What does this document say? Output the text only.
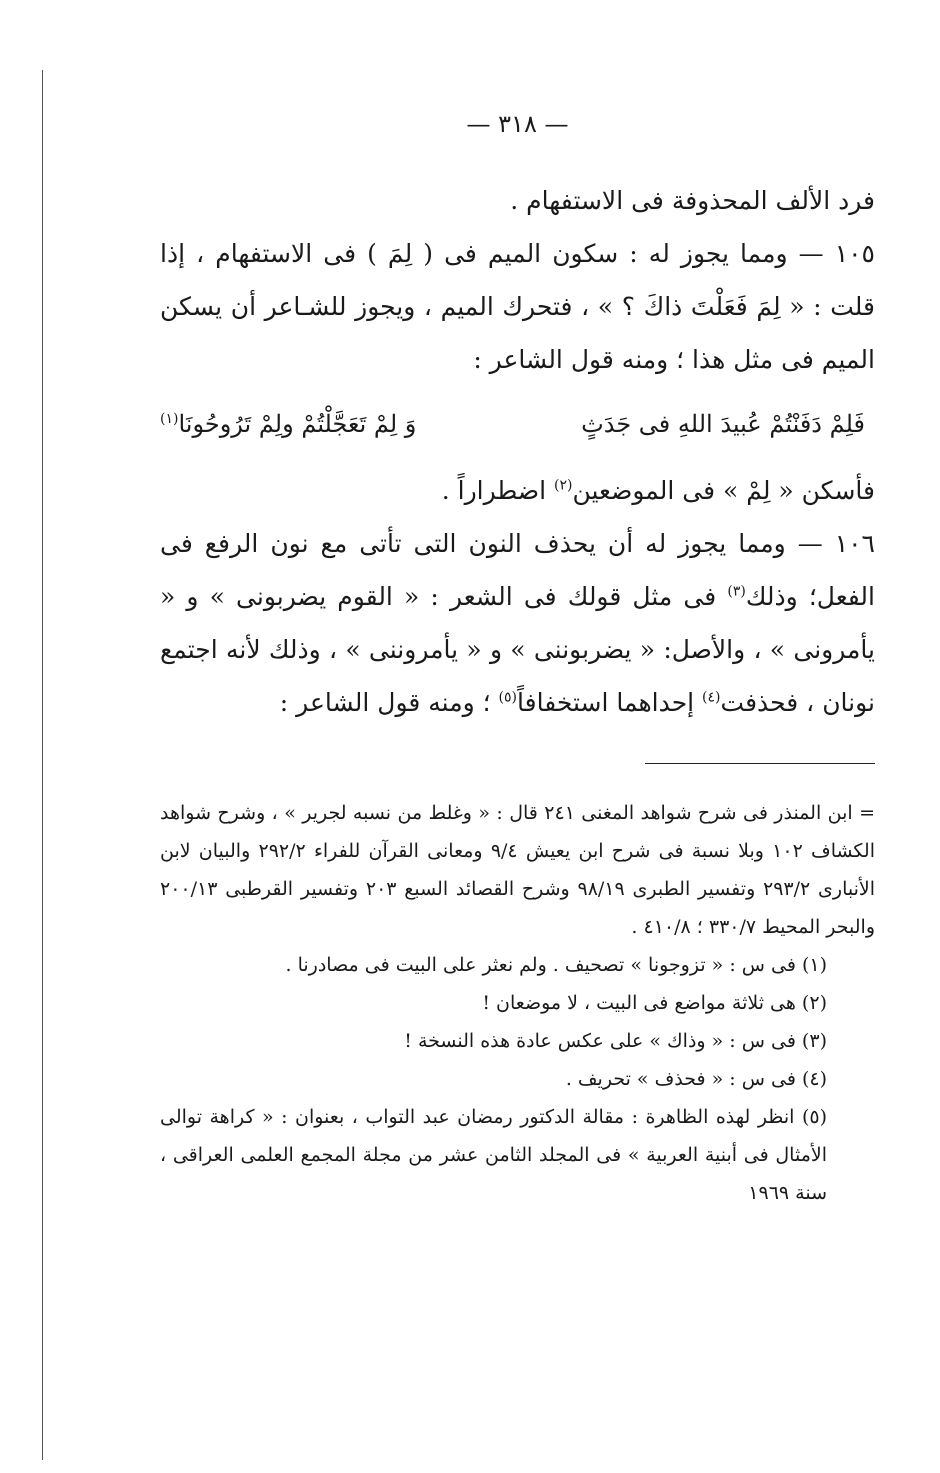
— ٣١٨ —

فرد الألف المحذوفة فى الاستفهام .

١٠٥ — ومما يجوز له : سكون الميم فى ( لِمَ ) فى الاستفهام ، إذا قلت : « لِمَ فَعَلْتَ ذاكَ ؟ » ، فتحرك الميم ، ويجوز للشـاعر أن يسكن الميم فى مثل هذا ؛ ومنه قول الشاعر :

فَلِمْ دَفَنْتُمْ عُبيدَ اللهِ فى جَدَثٍ
وَ لِمْ تَعَجَّلْتُمْ ولِمْ تَرُوحُونَا$^{(١)}$

فأسكن « لِمْ » فى الموضعين$^{(٢)}$ اضطراراً .

١٠٦ — ومما يجوز له أن يحذف النون التى تأتى مع نون الرفع فى الفعل؛ وذلك$^{(٣)}$ فى مثل قولك فى الشعر : « القوم يضربونى » و « يأمرونى » ، والأصل: « يضربوننى » و « يأمروننى » ، وذلك لأنه اجتمع نونان ، فحذفت$^{(٤)}$ إحداهما استخفافاً$^{(٥)}$ ؛ ومنه قول الشاعر :

= ابن المنذر فى شرح شواهد المغنى ٢٤١ قال : « وغلط من نسبه لجرير » ، وشرح شواهد الكشاف ١٠٢ وبلا نسبة فى شرح ابن يعيش ٩/٤ ومعانى القرآن للفراء ٢٩٢/٢ والبيان لابن الأنبارى ٢٩٣/٢ وتفسير الطبرى ٩٨/١٩ وشرح القصائد السبع ٢٠٣ وتفسير القرطبى ٢٠٠/١٣ والبحر المحيط ٣٣٠/٧ ؛ ٤١٠/٨ .

(١) فى س : « تزوجونا » تصحيف . ولم نعثر على البيت فى مصادرنا .

(٢) هى ثلاثة مواضع فى البيت ، لا موضعان !

(٣) فى س : « وذاك » على عكس عادة هذه النسخة !

(٤) فى س : « فحذف » تحريف .

(٥) انظر لهذه الظاهرة : مقالة الدكتور رمضان عبد التواب ، بعنوان : « كراهة توالى الأمثال فى أبنية العربية » فى المجلد الثامن عشر من مجلة المجمع العلمى العراقى ، سنة ١٩٦٩
